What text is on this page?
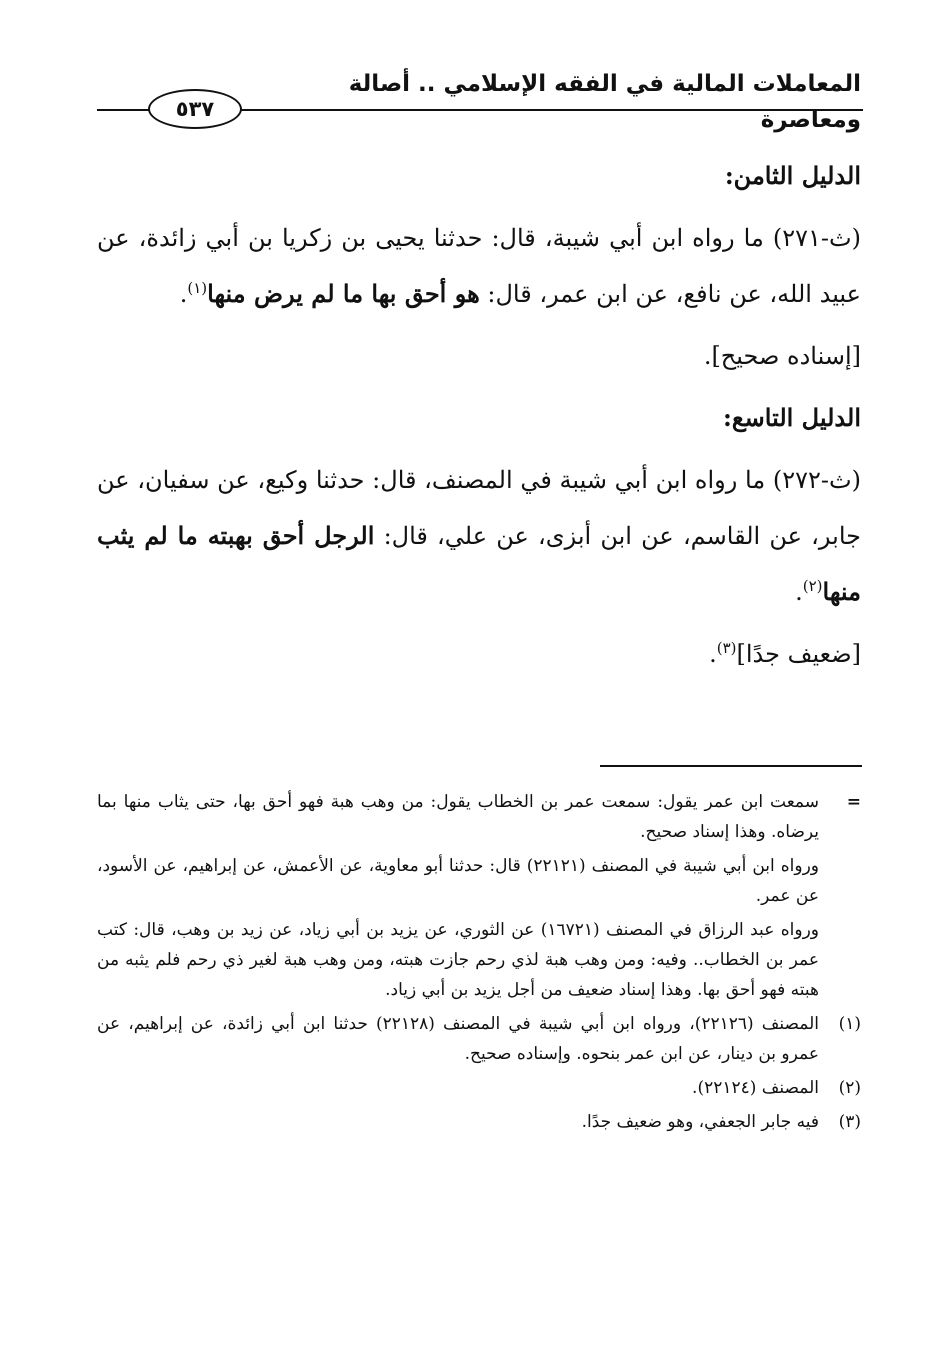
المعاملات المالية في الفقه الإسلامي .. أصالة ومعاصرة
٥٣٧

الدليل الثامن:

(ث-٢٧١) ما رواه ابن أبي شيبة، قال: حدثنا يحيى بن زكريا بن أبي زائدة، عن عبيد الله، عن نافع، عن ابن عمر، قال: هو أحق بها ما لم يرض منها$^{(١)}$.

[إسناده صحيح].

الدليل التاسع:

(ث-٢٧٢) ما رواه ابن أبي شيبة في المصنف، قال: حدثنا وكيع، عن سفيان، عن جابر، عن القاسم، عن ابن أبزى، عن علي، قال: الرجل أحق بهبته ما لم يثب منها$^{(٢)}$.

[ضعيف جدًا]$^{(٣)}$.

=
سمعت ابن عمر يقول: سمعت عمر بن الخطاب يقول: من وهب هبة فهو أحق بها، حتى يثاب منها بما يرضاه. وهذا إسناد صحيح.

ورواه ابن أبي شيبة في المصنف (٢٢١٢١) قال: حدثنا أبو معاوية، عن الأعمش، عن إبراهيم، عن الأسود، عن عمر.

ورواه عبد الرزاق في المصنف (١٦٧٢١) عن الثوري، عن يزيد بن أبي زياد، عن زيد بن وهب، قال: كتب عمر بن الخطاب.. وفيه: ومن وهب هبة لذي رحم جازت هبته، ومن وهب هبة لغير ذي رحم فلم يثبه من هبته فهو أحق بها. وهذا إسناد ضعيف من أجل يزيد بن أبي زياد.

(١)
المصنف (٢٢١٢٦)، ورواه ابن أبي شيبة في المصنف (٢٢١٢٨) حدثنا ابن أبي زائدة، عن إبراهيم، عن عمرو بن دينار، عن ابن عمر بنحوه. وإسناده صحيح.

(٢)
المصنف (٢٢١٢٤).

(٣)
فيه جابر الجعفي، وهو ضعيف جدًا.
